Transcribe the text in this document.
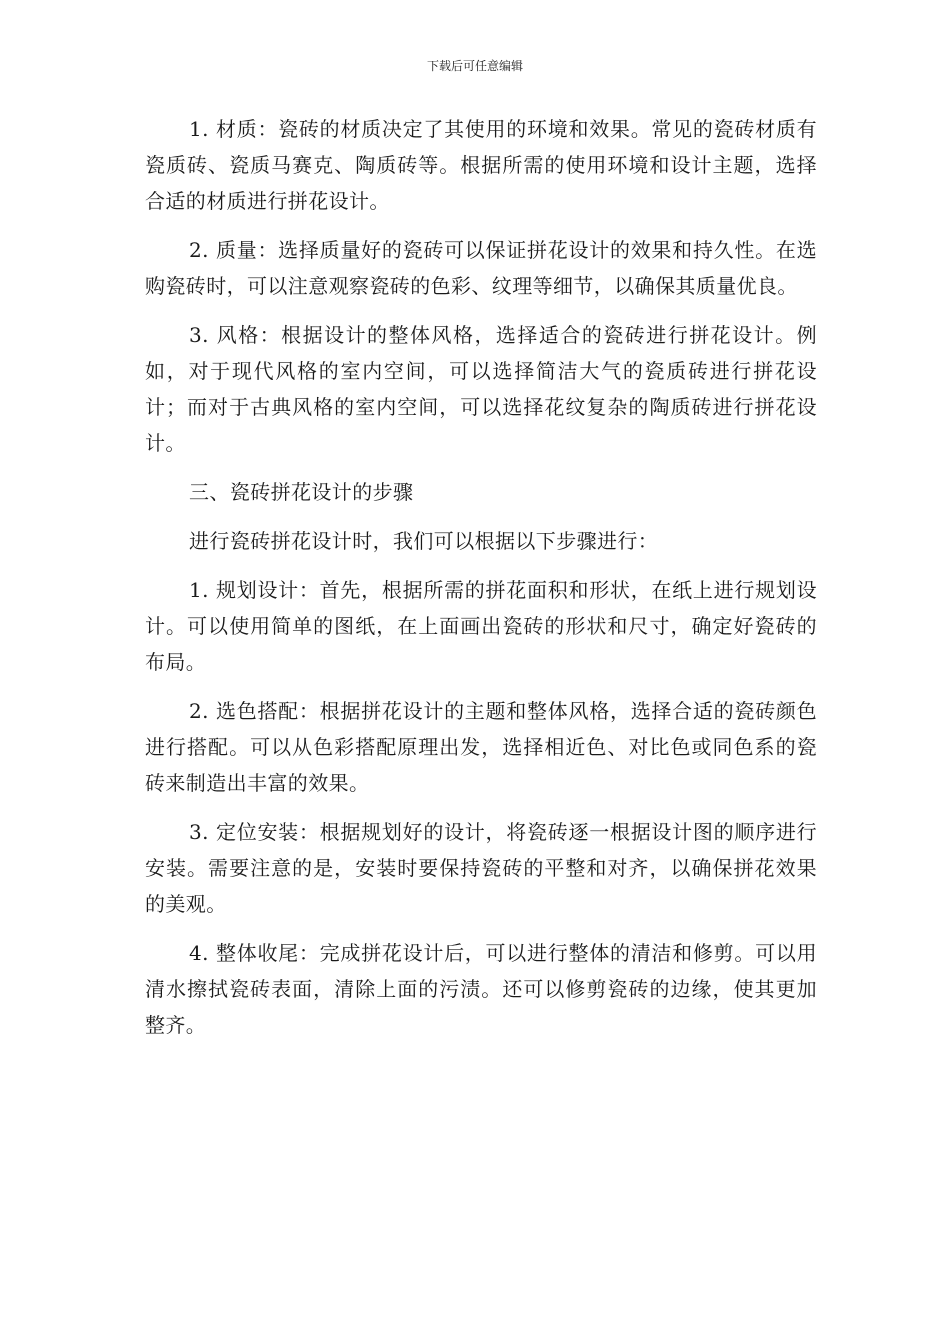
下载后可任意编辑

1. 材质：瓷砖的材质决定了其使用的环境和效果。常见的瓷砖材质有瓷质砖、瓷质马赛克、陶质砖等。根据所需的使用环境和设计主题，选择合适的材质进行拼花设计。

2. 质量：选择质量好的瓷砖可以保证拼花设计的效果和持久性。在选购瓷砖时，可以注意观察瓷砖的色彩、纹理等细节，以确保其质量优良。

3. 风格：根据设计的整体风格，选择适合的瓷砖进行拼花设计。例如，对于现代风格的室内空间，可以选择简洁大气的瓷质砖进行拼花设计；而对于古典风格的室内空间，可以选择花纹复杂的陶质砖进行拼花设计。

三、瓷砖拼花设计的步骤

进行瓷砖拼花设计时，我们可以根据以下步骤进行：

1. 规划设计：首先，根据所需的拼花面积和形状，在纸上进行规划设计。可以使用简单的图纸，在上面画出瓷砖的形状和尺寸，确定好瓷砖的布局。

2. 选色搭配：根据拼花设计的主题和整体风格，选择合适的瓷砖颜色进行搭配。可以从色彩搭配原理出发，选择相近色、对比色或同色系的瓷砖来制造出丰富的效果。

3. 定位安装：根据规划好的设计，将瓷砖逐一根据设计图的顺序进行安装。需要注意的是，安装时要保持瓷砖的平整和对齐，以确保拼花效果的美观。

4. 整体收尾：完成拼花设计后，可以进行整体的清洁和修剪。可以用清水擦拭瓷砖表面，清除上面的污渍。还可以修剪瓷砖的边缘，使其更加整齐。
